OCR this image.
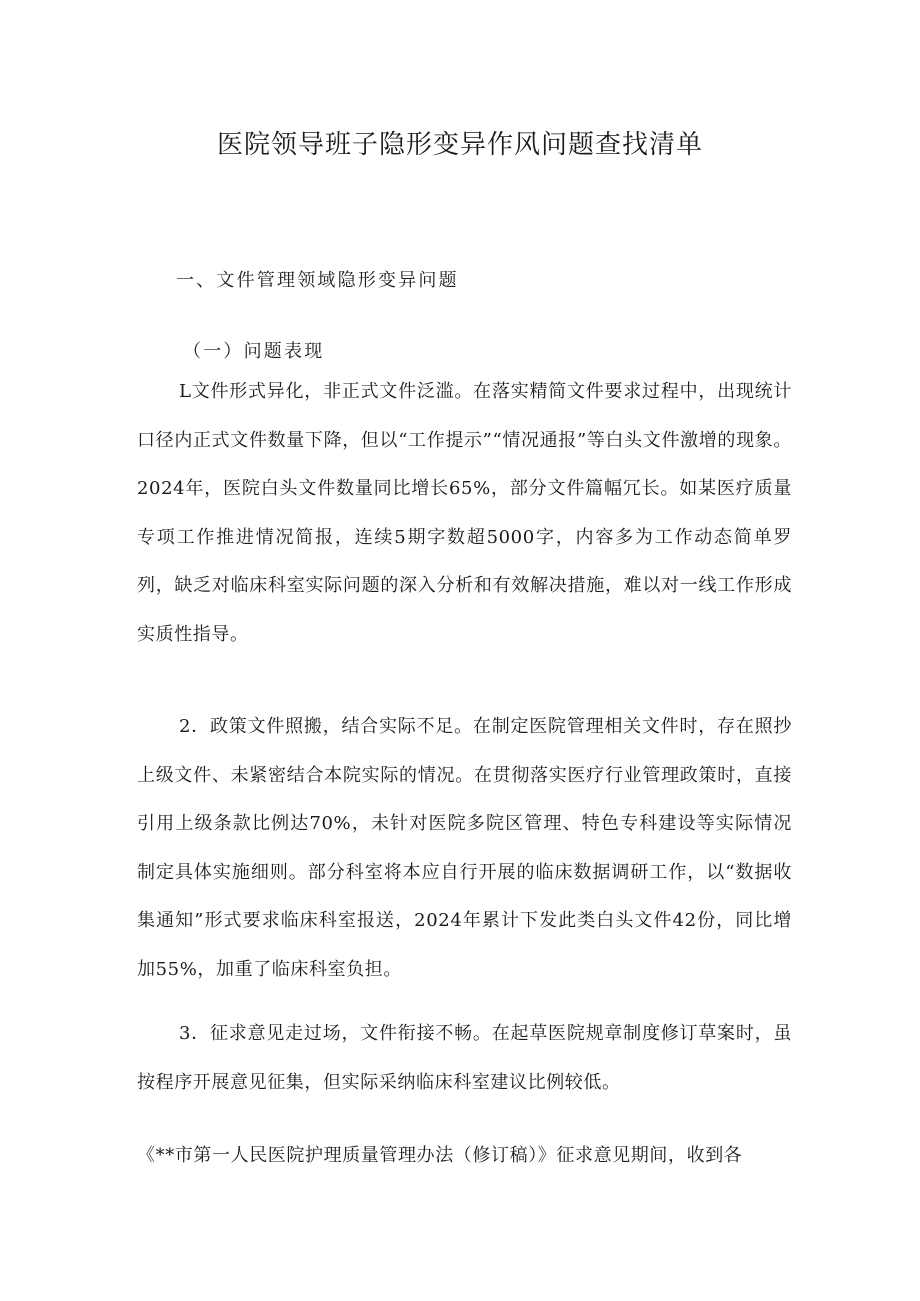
医院领导班子隐形变异作风问题查找清单

一、文件管理领域隐形变异问题

（一）问题表现

L文件形式异化，非正式文件泛滥。在落实精简文件要求过程中，出现统计口径内正式文件数量下降，但以“工作提示”“情况通报”等白头文件激增的现象。2024年，医院白头文件数量同比增长65%，部分文件篇幅冗长。如某医疗质量专项工作推进情况简报，连续5期字数超5000字，内容多为工作动态简单罗列，缺乏对临床科室实际问题的深入分析和有效解决措施，难以对一线工作形成实质性指导。

2．政策文件照搬，结合实际不足。在制定医院管理相关文件时，存在照抄上级文件、未紧密结合本院实际的情况。在贯彻落实医疗行业管理政策时，直接引用上级条款比例达70%，未针对医院多院区管理、特色专科建设等实际情况制定具体实施细则。部分科室将本应自行开展的临床数据调研工作，以“数据收集通知”形式要求临床科室报送，2024年累计下发此类白头文件42份，同比增加55%，加重了临床科室负担。

3．征求意见走过场，文件衔接不畅。在起草医院规章制度修订草案时，虽按程序开展意见征集，但实际采纳临床科室建议比例较低。

《**市第一人民医院护理质量管理办法（修订稿）》征求意见期间，收到各
